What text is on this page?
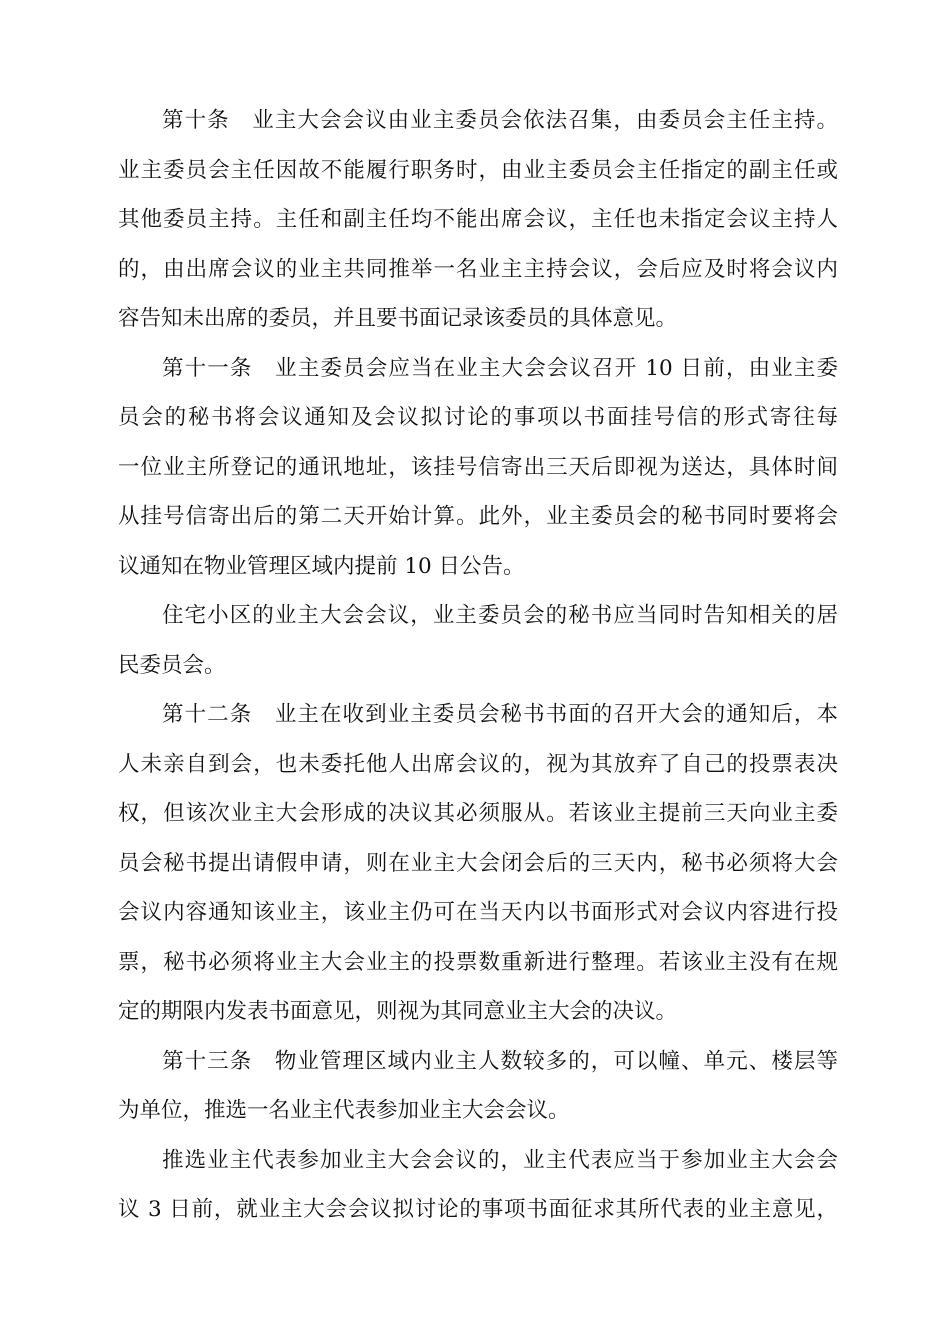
第十条　业主大会会议由业主委员会依法召集，由委员会主任主持。
业主委员会主任因故不能履行职务时，由业主委员会主任指定的副主任或
其他委员主持。主任和副主任均不能出席会议，主任也未指定会议主持人
的，由出席会议的业主共同推举一名业主主持会议，会后应及时将会议内
容告知未出席的委员，并且要书面记录该委员的具体意见。
第十一条　业主委员会应当在业主大会会议召开 10 日前，由业主委
员会的秘书将会议通知及会议拟讨论的事项以书面挂号信的形式寄往每
一位业主所登记的通讯地址，该挂号信寄出三天后即视为送达，具体时间
从挂号信寄出后的第二天开始计算。此外，业主委员会的秘书同时要将会
议通知在物业管理区域内提前 10 日公告。
住宅小区的业主大会会议，业主委员会的秘书应当同时告知相关的居
民委员会。
第十二条　业主在收到业主委员会秘书书面的召开大会的通知后，本
人未亲自到会，也未委托他人出席会议的，视为其放弃了自己的投票表决
权，但该次业主大会形成的决议其必须服从。若该业主提前三天向业主委
员会秘书提出请假申请，则在业主大会闭会后的三天内，秘书必须将大会
会议内容通知该业主，该业主仍可在当天内以书面形式对会议内容进行投
票，秘书必须将业主大会业主的投票数重新进行整理。若该业主没有在规
定的期限内发表书面意见，则视为其同意业主大会的决议。
第十三条　物业管理区域内业主人数较多的，可以幢、单元、楼层等
为单位，推选一名业主代表参加业主大会会议。
推选业主代表参加业主大会会议的，业主代表应当于参加业主大会会
议 3 日前，就业主大会会议拟讨论的事项书面征求其所代表的业主意见，
